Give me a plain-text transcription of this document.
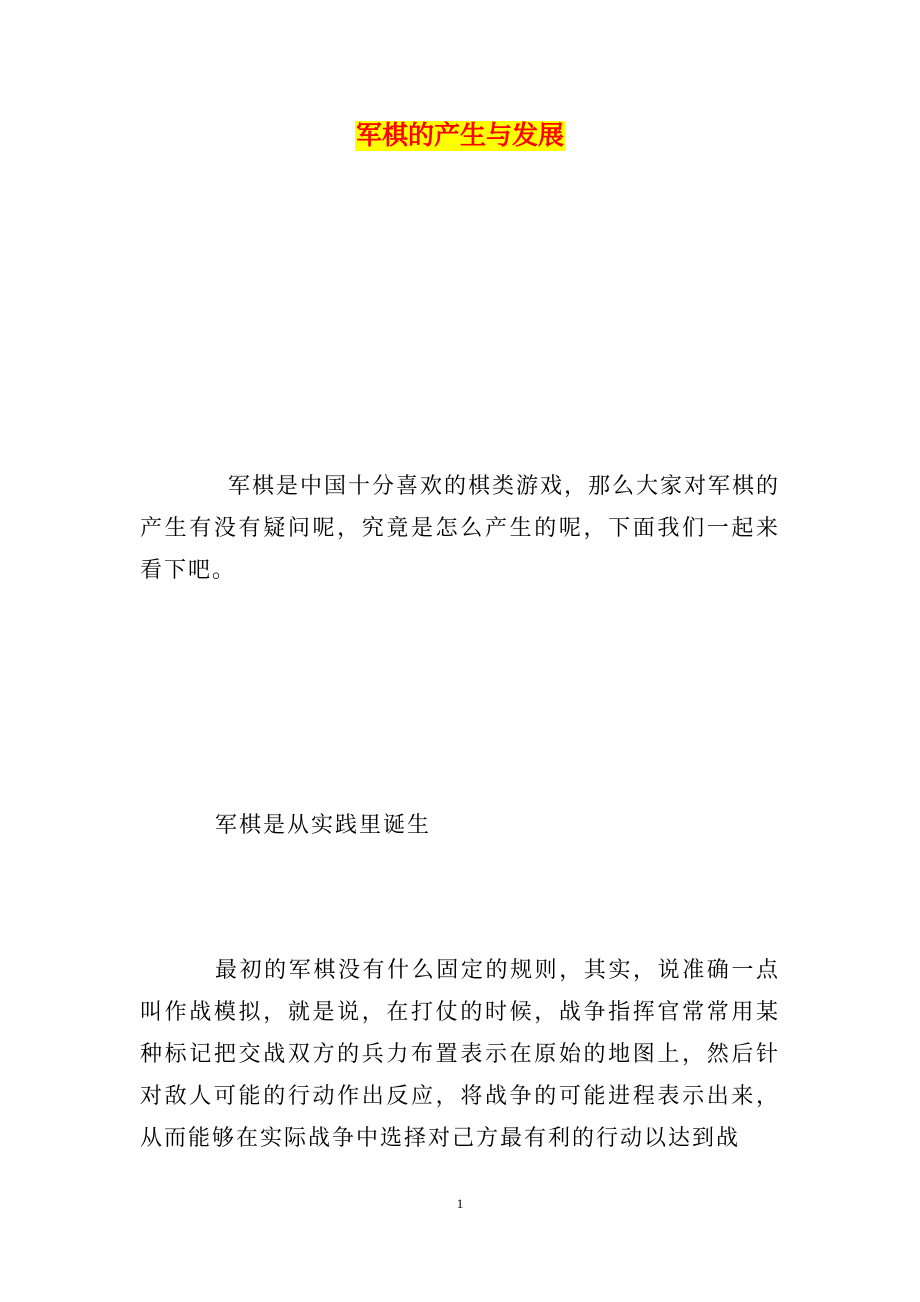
军棋的产生与发展

军棋是中国十分喜欢的棋类游戏，那么大家对军棋的产生有没有疑问呢，究竟是怎么产生的呢，下面我们一起来看下吧。

军棋是从实践里诞生

最初的军棋没有什么固定的规则，其实，说准确一点叫作战模拟，就是说，在打仗的时候，战争指挥官常常用某种标记把交战双方的兵力布置表示在原始的地图上，然后针对敌人可能的行动作出反应，将战争的可能进程表示出来，从而能够在实际战争中选择对己方最有利的行动以达到战

1
